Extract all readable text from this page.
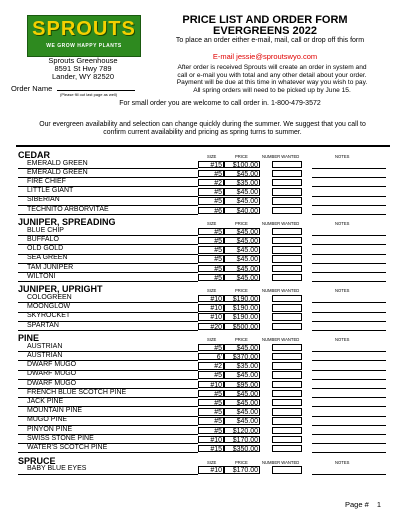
SPROUTS
WE GROW HAPPY PLANTS
Sprouts Greenhouse
8591 St Hwy 789
Lander, WY 82520
PRICE LIST AND ORDER FORM
EVERGREENS 2022
To place an order either e-mail, mail, call or drop off this form
E-mail jessie@sproutswyo.com
After order is received Sprouts will create an order in system and
call or e-mail you with total and any other detail about your order.
Payment will be due at this time in whatever way you wish to pay.
All spring orders will need to be picked up by June 15.
Order Name
(Please fill out last page as well)
For small order you are welcome to call order in. 1-800-479-3572
Our evergreen availability and selection can change quickly during the summer. We suggest that you call to
confirm current availability and pricing as spring turns to summer.
CEDAR	SIZE	PRICE	NUMBER WANTED	NOTES
EMERALD GREEN	#15	$100.00
EMERALD GREEN	#5	$45.00
FIRE CHIEF	#2	$35.00
LITTLE GIANT	#5	$45.00
SIBERIAN	#5	$45.00
TECHNITO ARBORVITAE	#6	$40.00
JUNIPER, SPREADING	SIZE	PRICE	NUMBER WANTED	NOTES
BLUE CHIP	#5	$45.00
BUFFALO	#5	$45.00
OLD GOLD	#5	$45.00
SEA GREEN	#5	$45.00
TAM JUNIPER	#5	$45.00
WILTONI	#5	$45.00
JUNIPER, UPRIGHT	SIZE	PRICE	NUMBER WANTED	NOTES
COLOGREEN	#10	$190.00
MOONGLOW	#10	$190.00
SKYROCKET	#10	$190.00
SPARTAN	#20	$500.00
PINE	SIZE	PRICE	NUMBER WANTED	NOTES
AUSTRIAN	#5	$45.00
AUSTRIAN	6'	$370.00
DWARF MUGO	#2	$35.00
DWARF MUGO	#5	$45.00
DWARF MUGO	#10	$95.00
FRENCH BLUE SCOTCH PINE	#5	$45.00
JACK PINE	#5	$45.00
MOUNTAIN PINE	#5	$45.00
MUGO PINE	#5	$45.00
PINYON PINE	#5	$120.00
SWISS STONE PINE	#10	$170.00
WATER'S SCOTCH PINE	#15	$350.00
SPRUCE	SIZE	PRICE	NUMBER WANTED	NOTES
BABY BLUE EYES	#10	$170.00
Page # 1
